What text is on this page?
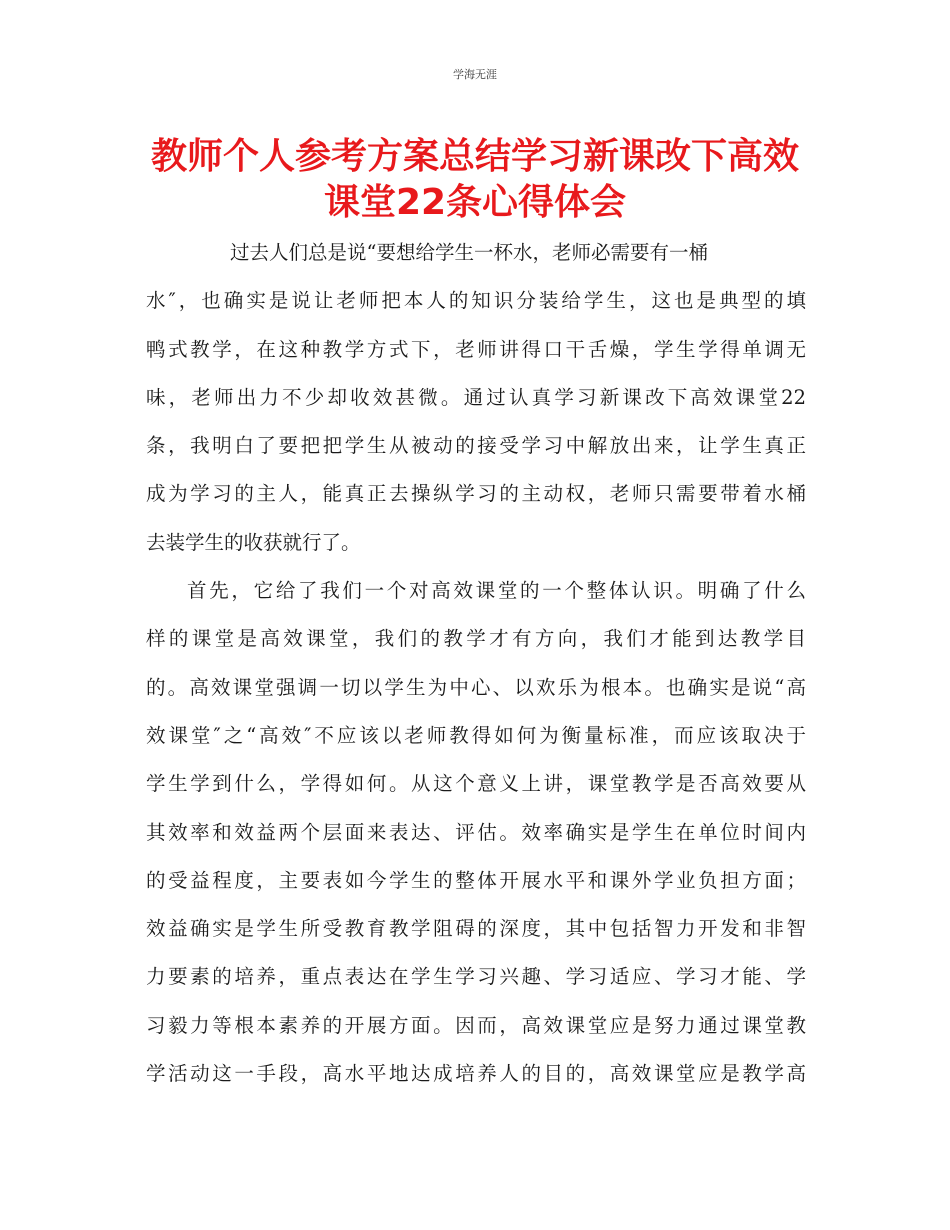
学海无涯
教师个人参考方案总结学习新课改下高效
课堂22条心得体会
过去人们总是说“要想给学生一杯水，老师必需要有一桶
水″，也确实是说让老师把本人的知识分装给学生，这也是典型的填
鸭式教学，在这种教学方式下，老师讲得口干舌燥，学生学得单调无
味，老师出力不少却收效甚微。通过认真学习新课改下高效课堂22
条，我明白了要把把学生从被动的接受学习中解放出来，让学生真正
成为学习的主人，能真正去操纵学习的主动权，老师只需要带着水桶
去装学生的收获就行了。
首先，它给了我们一个对高效课堂的一个整体认识。明确了什么
样的课堂是高效课堂，我们的教学才有方向，我们才能到达教学目
的。高效课堂强调一切以学生为中心、以欢乐为根本。也确实是说“高
效课堂″之“高效″不应该以老师教得如何为衡量标准，而应该取决于
学生学到什么，学得如何。从这个意义上讲，课堂教学是否高效要从
其效率和效益两个层面来表达、评估。效率确实是学生在单位时间内
的受益程度，主要表如今学生的整体开展水平和课外学业负担方面；
效益确实是学生所受教育教学阻碍的深度，其中包括智力开发和非智
力要素的培养，重点表达在学生学习兴趣、学习适应、学习才能、学
习毅力等根本素养的开展方面。因而，高效课堂应是努力通过课堂教
学活动这一手段，高水平地达成培养人的目的，高效课堂应是教学高
